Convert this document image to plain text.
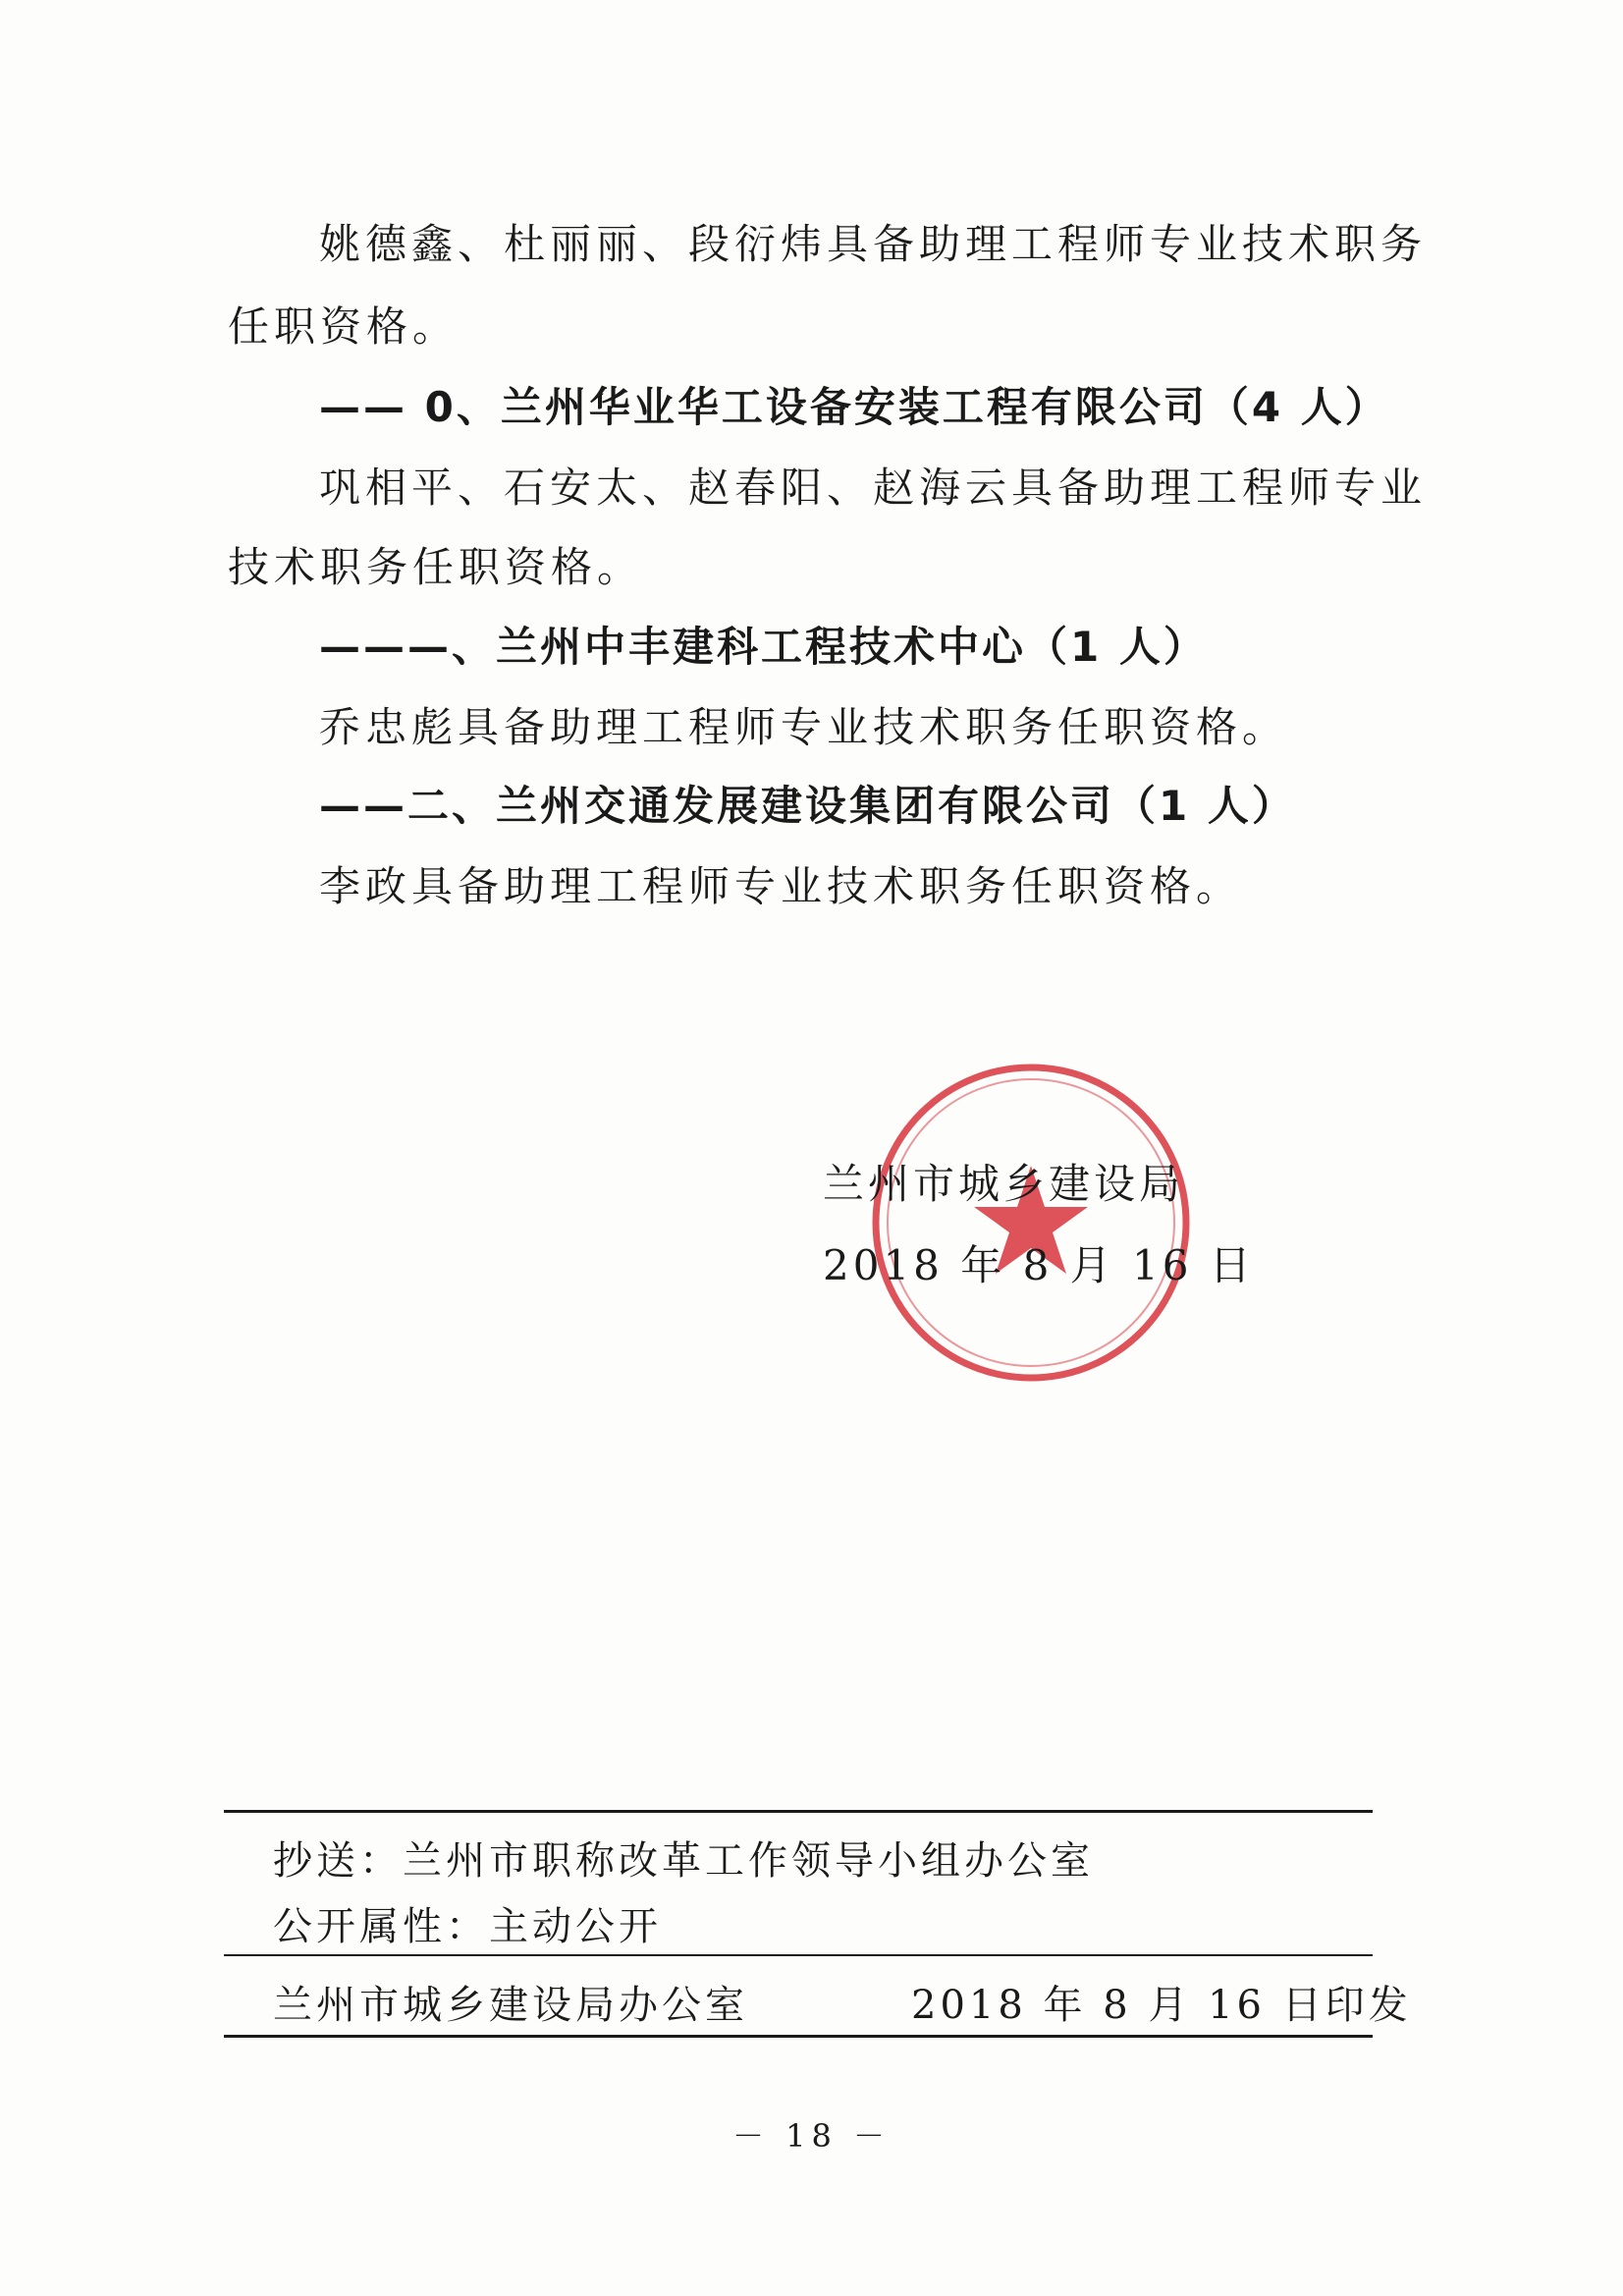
姚德鑫、杜丽丽、段衍炜具备助理工程师专业技术职务
任职资格。
—— 0、兰州华业华工设备安装工程有限公司（4 人）
巩相平、石安太、赵春阳、赵海云具备助理工程师专业
技术职务任职资格。
———、兰州中丰建科工程技术中心（1 人）
乔忠彪具备助理工程师专业技术职务任职资格。
——二、兰州交通发展建设集团有限公司（1 人）
李政具备助理工程师专业技术职务任职资格。
兰州市城乡建设局
2018 年 8 月 16 日
抄送：兰州市职称改革工作领导小组办公室
公开属性：主动公开
兰州市城乡建设局办公室	2018 年 8 月 16 日印发
－ 18 －
